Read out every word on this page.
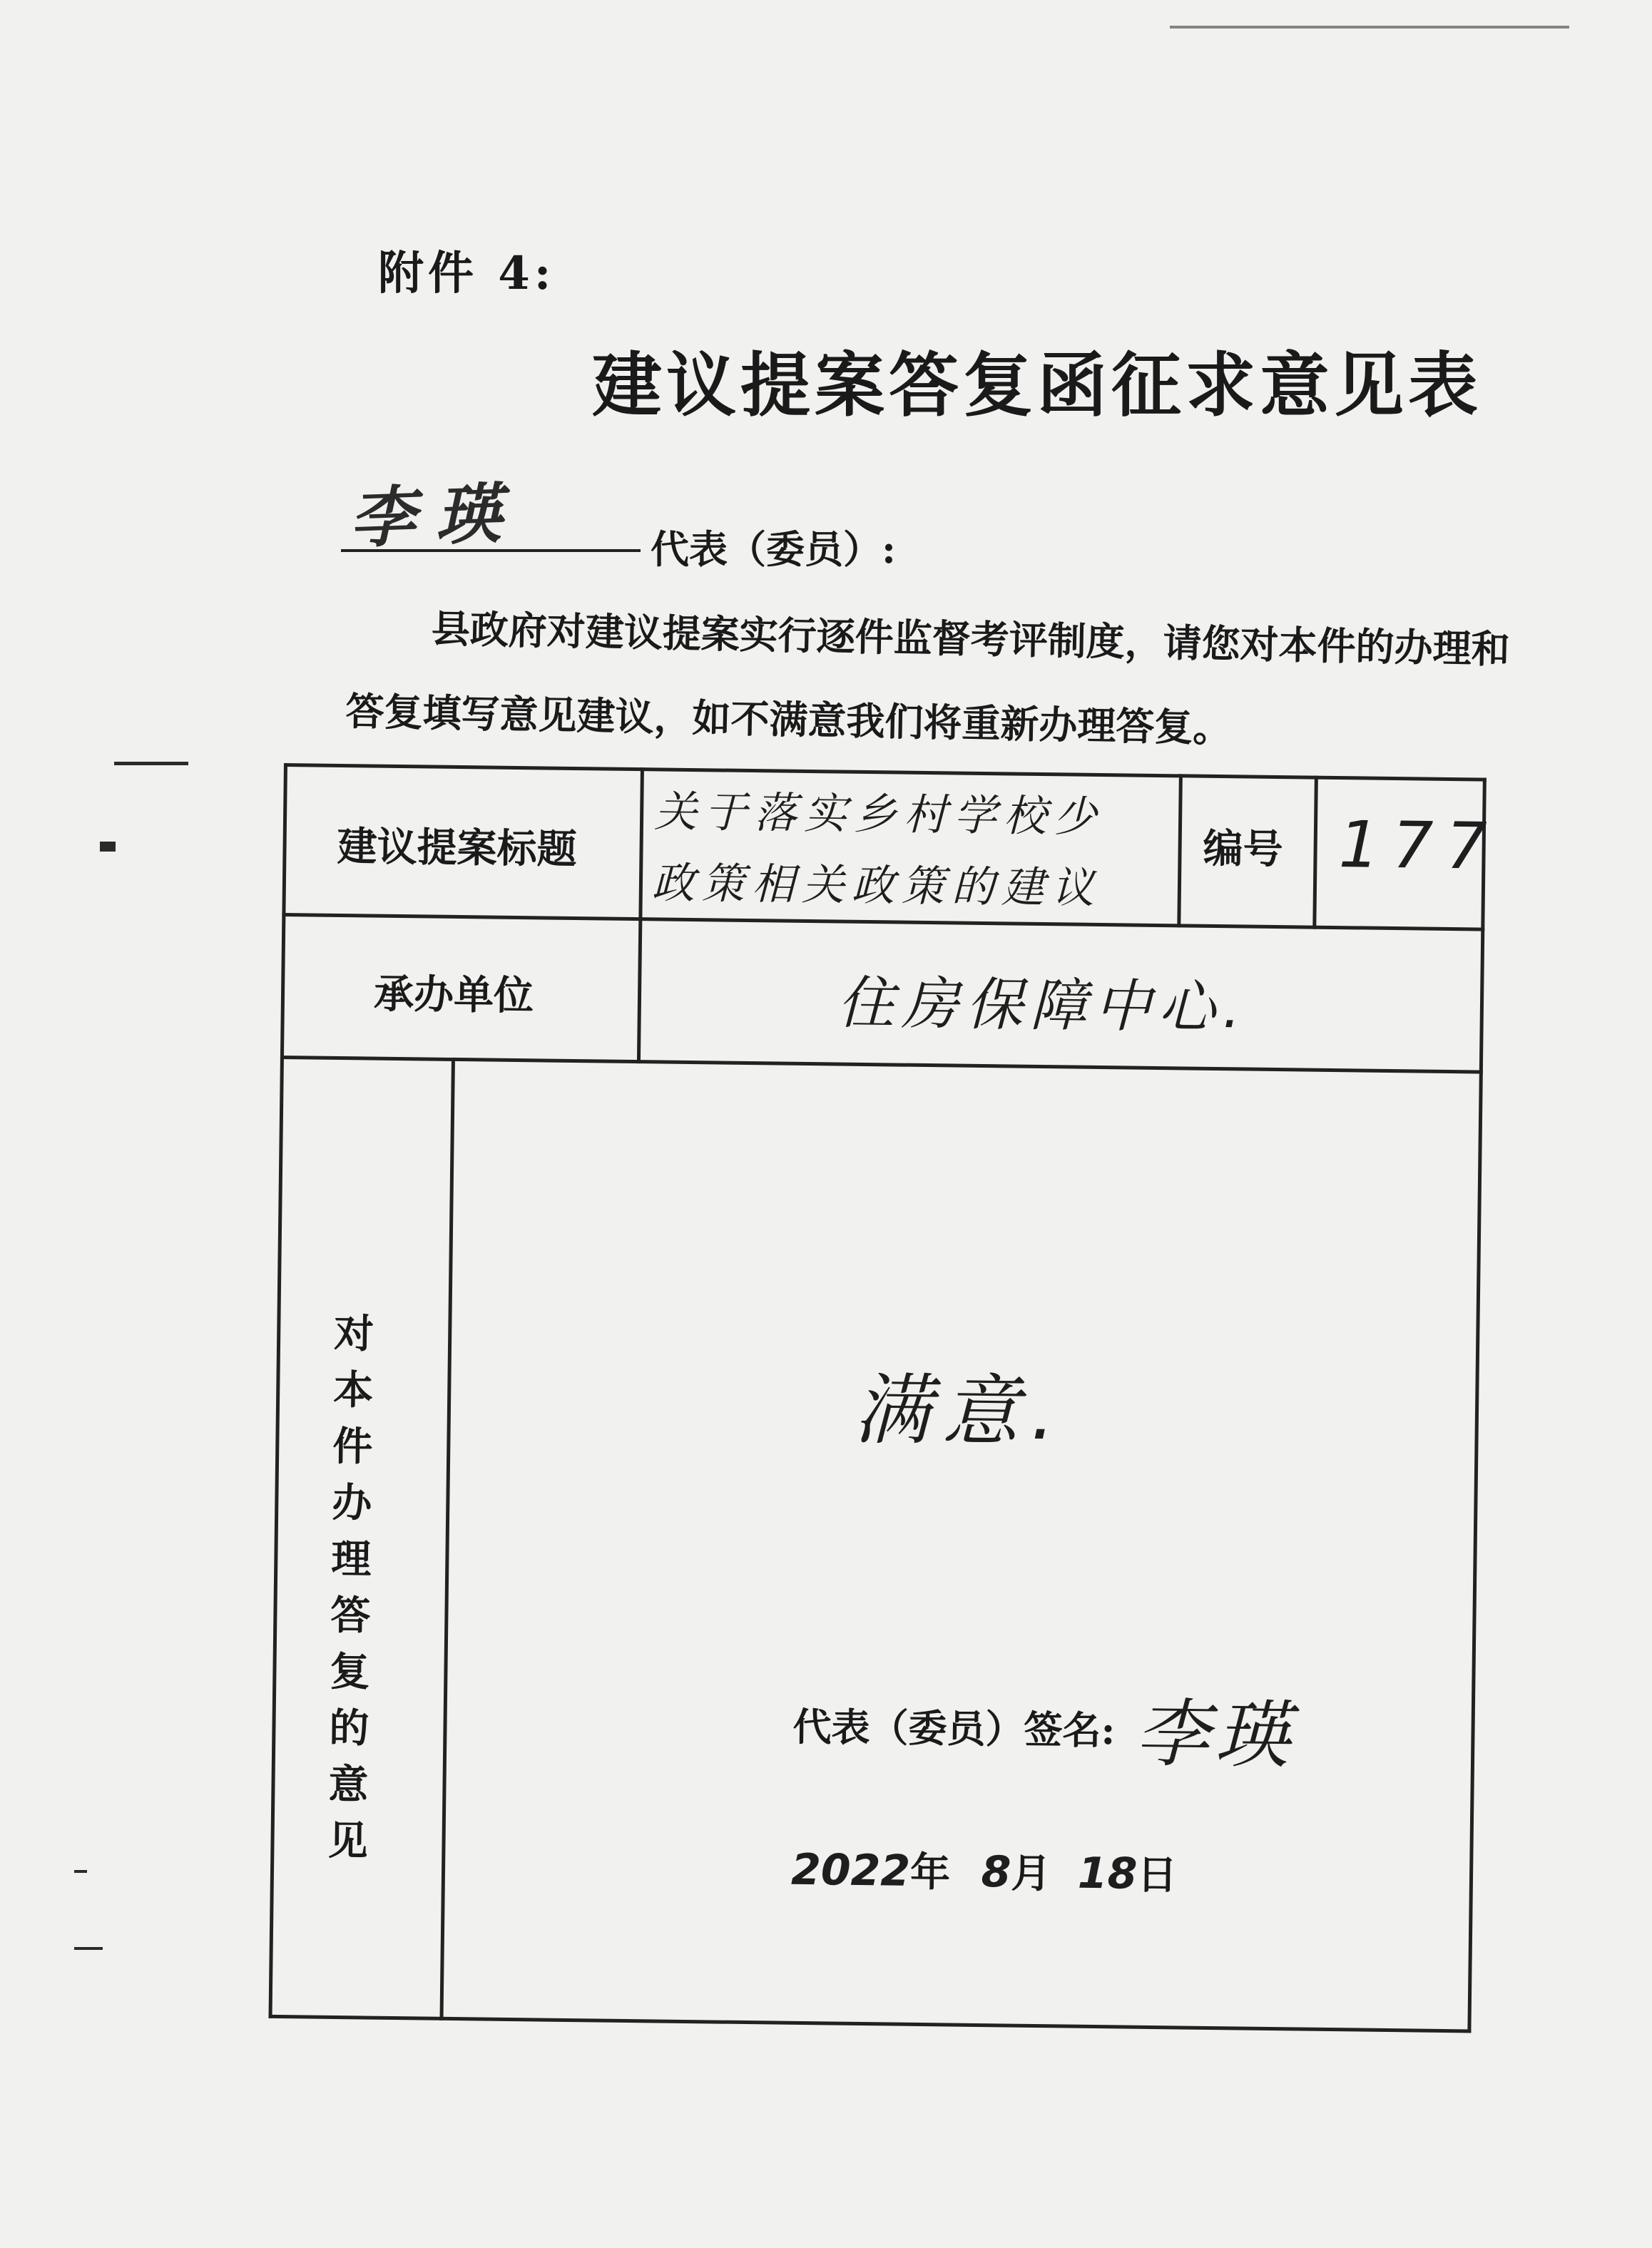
附件 4:
建议提案答复函征求意见表
李瑛	代表（委员）:
县政府对建议提案实行逐件监督考评制度，请您对本件的办理和答复填写意见建议，如不满意我们将重新办理答复。
建议提案标题
关于落实乡村学校少
政策相关政策的建议
编号 177
承办单位	住房保障中心.
对本件办理答复的意见
满意.
代表（委员）签名: 李瑛
2022年 8月 18日
